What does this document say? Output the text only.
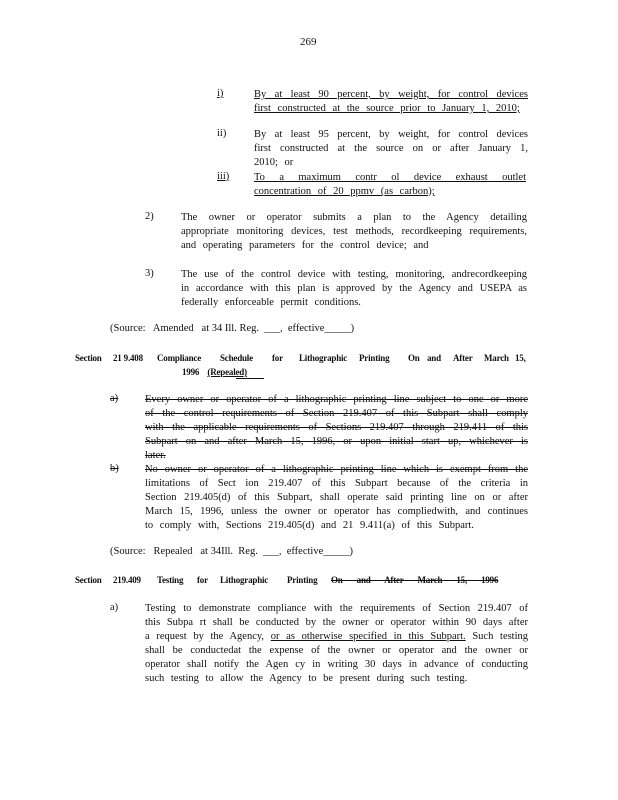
269
i)	By at least 90 percent, by weight, for control devices first constructed at the source prior to January 1, 2010;
ii)	By at least 95 percent, by weight, for control devices first constructed at the source on or after January 1, 2010; or
iii) To a maximum contr ol device exhaust outlet concentration of 20 ppmv (as carbon);
2)	The owner or operator submits a plan to the Agency detailing appropriate monitoring devices, test methods, recordkeeping requirements, and operating parameters for the control device; and
3)	The use of the control device with testing, monitoring, andrecordkeeping in accordance with this plan is approved by the Agency and USEPA as federally enforceable permit conditions.
(Source:   Amended   at 34 Ill. Reg.  ___,  effective_____)
Section 21 9.408 Compliance Schedule for Lithographic Printing On and After March 15,
1996 (Repealed)
a)	Every owner or operator of a lithographic printing line subject to one or more of the control requirements of Section 219.407 of this Subpart shall comply with the applicable requirements of Sections 219.407 through 219.411 of this Subpart on and after March 15, 1996, or upon initial start up, whichever is later.
b)	No owner or operator of a lithographic printing line which is exempt from the limitations of Sect ion 219.407 of this Subpart because of the criteria in Section 219.405(d) of this Subpart, shall operate said printing line on or after March 15, 1996, unless the owner or operator has compliedwith, and continues to comply with, Sections 219.405(d) and 21 9.411(a) of this Subpart.
(Source:   Repealed   at 34Ill.  Reg.  ___,  effective_____)
Section 219.409 Testing for Lithographic Printing On and After March 15, 1996
a)	Testing to demonstrate compliance with the requirements of Section 219.407 of this Subpa rt shall be conducted by the owner or operator within 90 days after a request by the Agency, or as otherwise specified in this Subpart. Such testing shall be conductedat the expense of the owner or operator and the owner or operator shall notify the Agen cy in writing 30 days in advance of conducting such testing to allow the Agency to be present during such testing.
